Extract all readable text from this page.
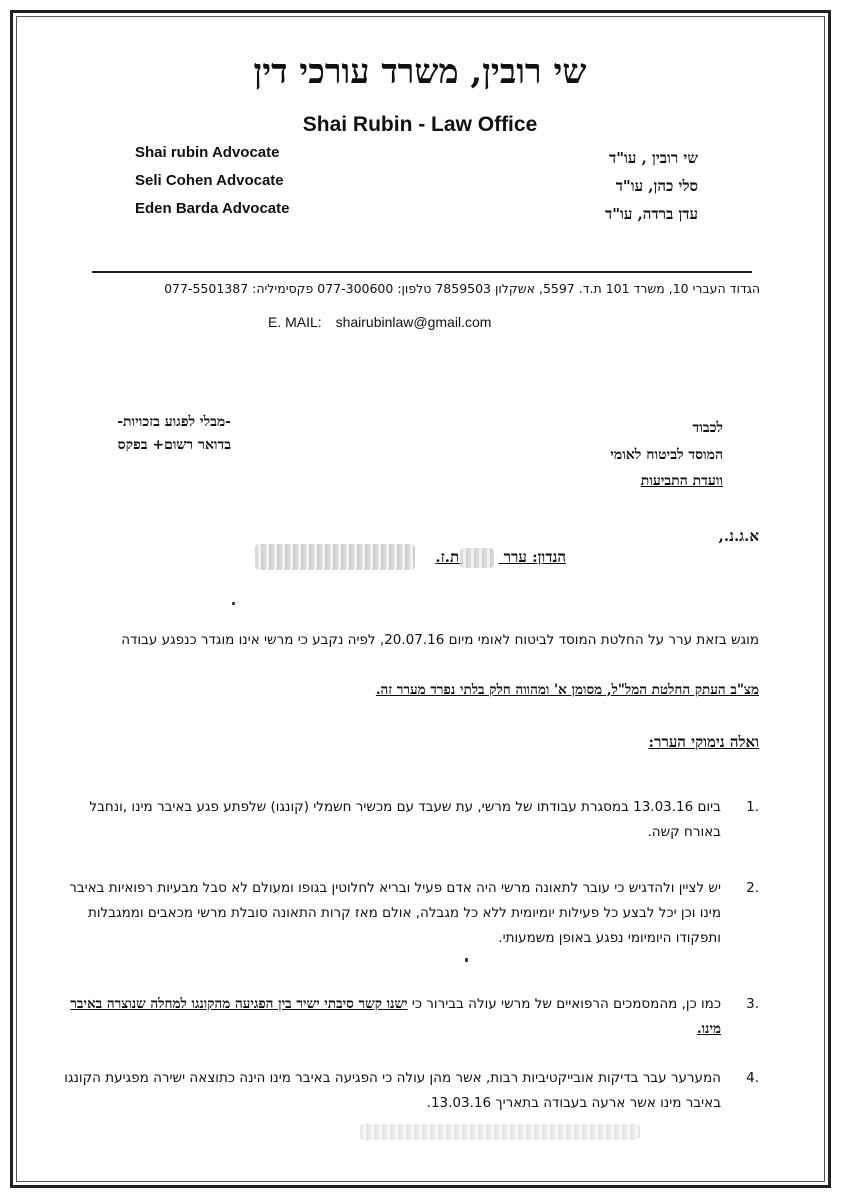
שי רובין, משרד עורכי דין
Shai Rubin - Law Office
Shai rubin Advocate
Seli Cohen Advocate
Eden Barda Advocate
שי רובין , עו"ד
סלי כהן, עו"ד
עדן ברדה, עו"ד
הגדוד העברי 10, משרד 101 ת.ד. 5597, אשקלון 7859503 טלפון: 077-300600 פקסימיליה: 077-5501387
E. MAIL: shairubinlaw@gmail.com
-מבלי לפגוע בזכויות-
בדואר רשום+ בפקס
לכבוד
המוסד לביטוח לאומי
וועדת התביעות
א.ג.נ.,
הנדון: ערר  ת.ז.
מוגש בזאת ערר על החלטת המוסד לביטוח לאומי מיום 20.07.16, לפיה נקבע כי מרשי אינו מוגדר כנפגע עבודה
מצ"ב העתק החלטת המל"ל, מסומן א' ומהווה חלק בלתי נפרד מערר זה.
ואלה נימוקי הערר:
1.
ביום 13.03.16 במסגרת עבודתו של מרשי, עת שעבד עם מכשיר חשמלי (קונגו) שלפתע פגע באיבר מינו ,ונחבל באורח קשה.
2.
יש לציין ולהדגיש כי עובר לתאונה מרשי היה אדם פעיל ובריא לחלוטין בגופו ומעולם לא סבל מבעיות רפואיות באיבר מינו וכן יכל לבצע כל פעילות יומיומית ללא כל מגבלה, אולם מאז קרות התאונה סובלת מרשי מכאבים וממגבלות ותפקודו היומיומי נפגע באופן משמעותי.
3.
כמו כן, מהמסמכים הרפואיים של מרשי עולה בבירור כי ישנו קשר סיבתי ישיר בין הפגיעה מהקונגו למחלה שנוצרה באיבר מינו.
4.
המערער עבר בדיקות אובייקטיביות רבות, אשר מהן עולה כי הפגיעה באיבר מינו הינה כתוצאה ישירה מפגיעת הקונגו באיבר מינו אשר ארעה בעבודה בתאריך 13.03.16.
